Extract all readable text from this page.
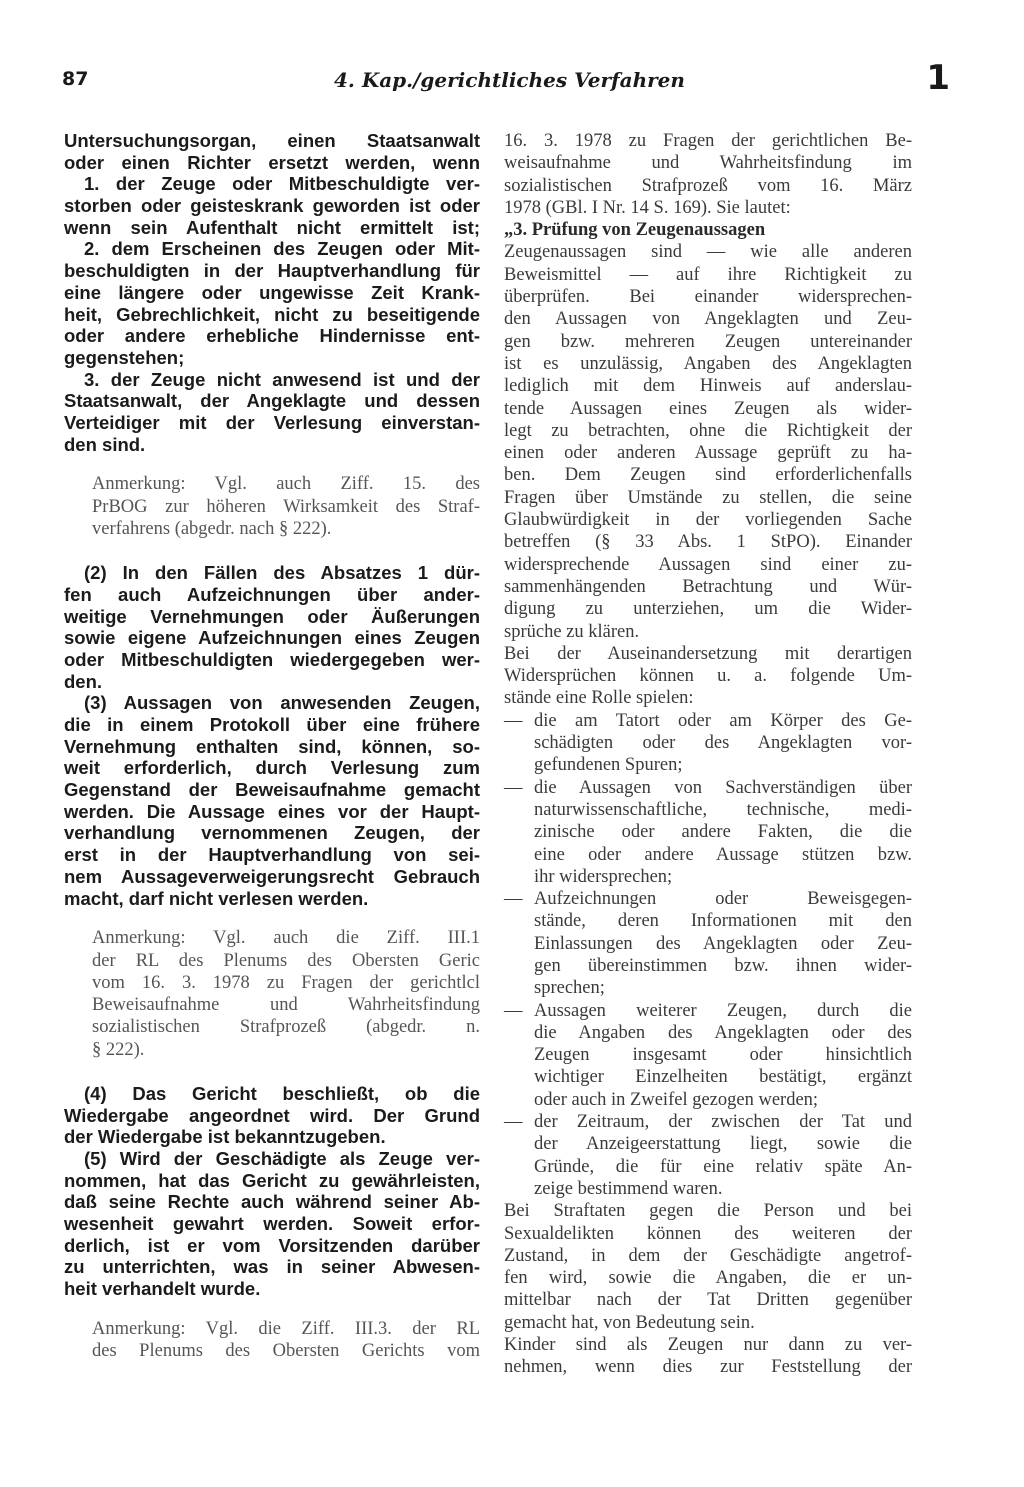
87	4. Kap./gerichtliches Verfahren	1
Untersuchungsorgan, einen Staatsanwalt
oder einen Richter ersetzt werden, wenn
1. der Zeuge oder Mitbeschuldigte ver-
storben oder geisteskrank geworden ist oder
wenn sein Aufenthalt nicht ermittelt ist;
2. dem Erscheinen des Zeugen oder Mit-
beschuldigten in der Hauptverhandlung für
eine längere oder ungewisse Zeit Krank-
heit, Gebrechlichkeit, nicht zu beseitigende
oder andere erhebliche Hindernisse ent-
gegenstehen;
3. der Zeuge nicht anwesend ist und der
Staatsanwalt, der Angeklagte und dessen
Verteidiger mit der Verlesung einverstan-
den sind.
Anmerkung: Vgl. auch Ziff. 15. des
PrBOG zur höheren Wirksamkeit des Straf-
verfahrens (abgedr. nach § 222).
(2) In den Fällen des Absatzes 1 dür-
fen auch Aufzeichnungen über ander-
weitige Vernehmungen oder Äußerungen
sowie eigene Aufzeichnungen eines Zeugen
oder Mitbeschuldigten wiedergegeben wer-
den.
(3) Aussagen von anwesenden Zeugen,
die in einem Protokoll über eine frühere
Vernehmung enthalten sind, können, so-
weit erforderlich, durch Verlesung zum
Gegenstand der Beweisaufnahme gemacht
werden. Die Aussage eines vor der Haupt-
verhandlung vernommenen Zeugen, der
erst in der Hauptverhandlung von sei-
nem Aussageverweigerungsrecht Gebrauch
macht, darf nicht verlesen werden.
Anmerkung: Vgl. auch die Ziff. III.1
der RL des Plenums des Obersten Geric
vom 16. 3. 1978 zu Fragen der gerichtlcl
Beweisaufnahme und Wahrheitsfindung
sozialistischen Strafprozeß (abgedr. n.
§ 222).
(4) Das Gericht beschließt, ob die
Wiedergabe angeordnet wird. Der Grund
der Wiedergabe ist bekanntzugeben.
(5) Wird der Geschädigte als Zeuge ver-
nommen, hat das Gericht zu gewährleisten,
daß seine Rechte auch während seiner Ab-
wesenheit gewahrt werden. Soweit erfor-
derlich, ist er vom Vorsitzenden darüber
zu unterrichten, was in seiner Abwesen-
heit verhandelt wurde.
Anmerkung: Vgl. die Ziff. III.3. der RL
des Plenums des Obersten Gerichts vom
16. 3. 1978 zu Fragen der gerichtlichen Be-
weisaufnahme und Wahrheitsfindung im
sozialistischen Strafprozeß vom 16. März
1978 (GBl. I Nr. 14 S. 169). Sie lautet:
„3. Prüfung von Zeugenaussagen
Zeugenaussagen sind — wie alle anderen
Beweismittel — auf ihre Richtigkeit zu
überprüfen. Bei einander widersprechen-
den Aussagen von Angeklagten und Zeu-
gen bzw. mehreren Zeugen untereinander
ist es unzulässig, Angaben des Angeklagten
lediglich mit dem Hinweis auf anderslau-
tende Aussagen eines Zeugen als wider-
legt zu betrachten, ohne die Richtigkeit der
einen oder anderen Aussage geprüft zu ha-
ben. Dem Zeugen sind erforderlichenfalls
Fragen über Umstände zu stellen, die seine
Glaubwürdigkeit in der vorliegenden Sache
betreffen (§ 33 Abs. 1 StPO). Einander
widersprechende Aussagen sind einer zu-
sammenhängenden Betrachtung und Wür-
digung zu unterziehen, um die Wider-
sprüche zu klären.
Bei der Auseinandersetzung mit derartigen
Widersprüchen können u. a. folgende Um-
stände eine Rolle spielen:
— die am Tatort oder am Körper des Ge-
schädigten oder des Angeklagten vor-
gefundenen Spuren;
— die Aussagen von Sachverständigen über
naturwissenschaftliche, technische, medi-
zinische oder andere Fakten, die die
eine oder andere Aussage stützen bzw.
ihr widersprechen;
— Aufzeichnungen oder Beweisgegen-
stände, deren Informationen mit den
Einlassungen des Angeklagten oder Zeu-
gen übereinstimmen bzw. ihnen wider-
sprechen;
— Aussagen weiterer Zeugen, durch die
die Angaben des Angeklagten oder des
Zeugen insgesamt oder hinsichtlich
wichtiger Einzelheiten bestätigt, ergänzt
oder auch in Zweifel gezogen werden;
— der Zeitraum, der zwischen der Tat und
der Anzeigeerstattung liegt, sowie die
Gründe, die für eine relativ späte An-
zeige bestimmend waren.
Bei Straftaten gegen die Person und bei
Sexualdelikten können des weiteren der
Zustand, in dem der Geschädigte angetrof-
fen wird, sowie die Angaben, die er un-
mittelbar nach der Tat Dritten gegenüber
gemacht hat, von Bedeutung sein.
Kinder sind als Zeugen nur dann zu ver-
nehmen, wenn dies zur Feststellung der
